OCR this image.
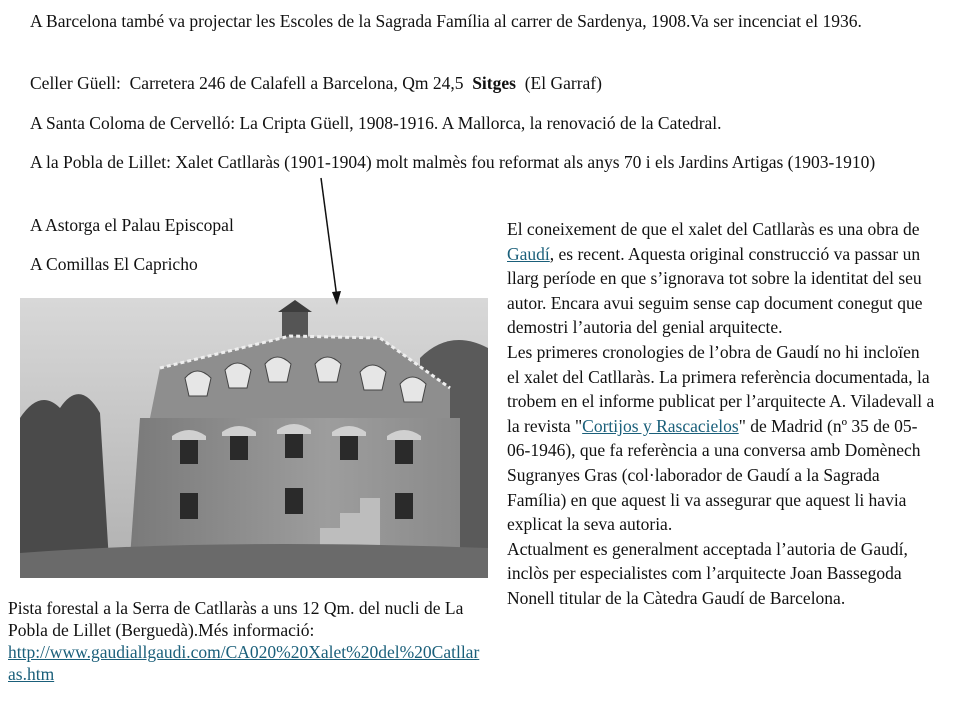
A Barcelona també va projectar les Escoles de la Sagrada Família al carrer de Sardenya, 1908.Va ser incenciat el 1936.

Celler Güell:  Carretera 246 de Calafell a Barcelona, Qm 24,5  Sitges  (El Garraf)

A Santa Coloma de Cervelló: La Cripta Güell, 1908-1916. A Mallorca, la renovació de la Catedral.

A la Pobla de Lillet: Xalet Catllaràs (1901-1904) molt malmès fou reformat als anys 70 i els Jardins Artigas (1903-1910)

A Astorga el Palau Episcopal

A Comillas El Capricho

El coneixement de que el xalet del Catllaràs es una obra de Gaudí, es recent. Aquesta original construcció va passar un llarg període en que s’ignorava tot sobre la identitat del seu autor. Encara avui seguim sense cap document conegut que demostri l’autoria del genial arquitecte.
Les primeres cronologies de l’obra de Gaudí no hi incloïen el xalet del Catllaràs. La primera referència documentada, la trobem en el informe publicat per l’arquitecte A. Viladevall a la revista "Cortijos y Rascacielos" de Madrid (nº 35 de 05-06-1946), que fa referència a una conversa amb Domènech Sugranyes Gras (col·laborador de Gaudí a la Sagrada Família) en que aquest li va assegurar que aquest li havia explicat la seva autoria.
Actualment es generalment acceptada l’autoria de Gaudí, inclòs per especialistes com l’arquitecte Joan Bassegoda Nonell titular de la Càtedra Gaudí de Barcelona.

Pista forestal a la Serra de Catllaràs a uns 12 Qm. del nucli de La Pobla de Lillet (Berguedà).Més informació:
http://www.gaudiallgaudi.com/CA020%20Xalet%20del%20Catllaras.htm
